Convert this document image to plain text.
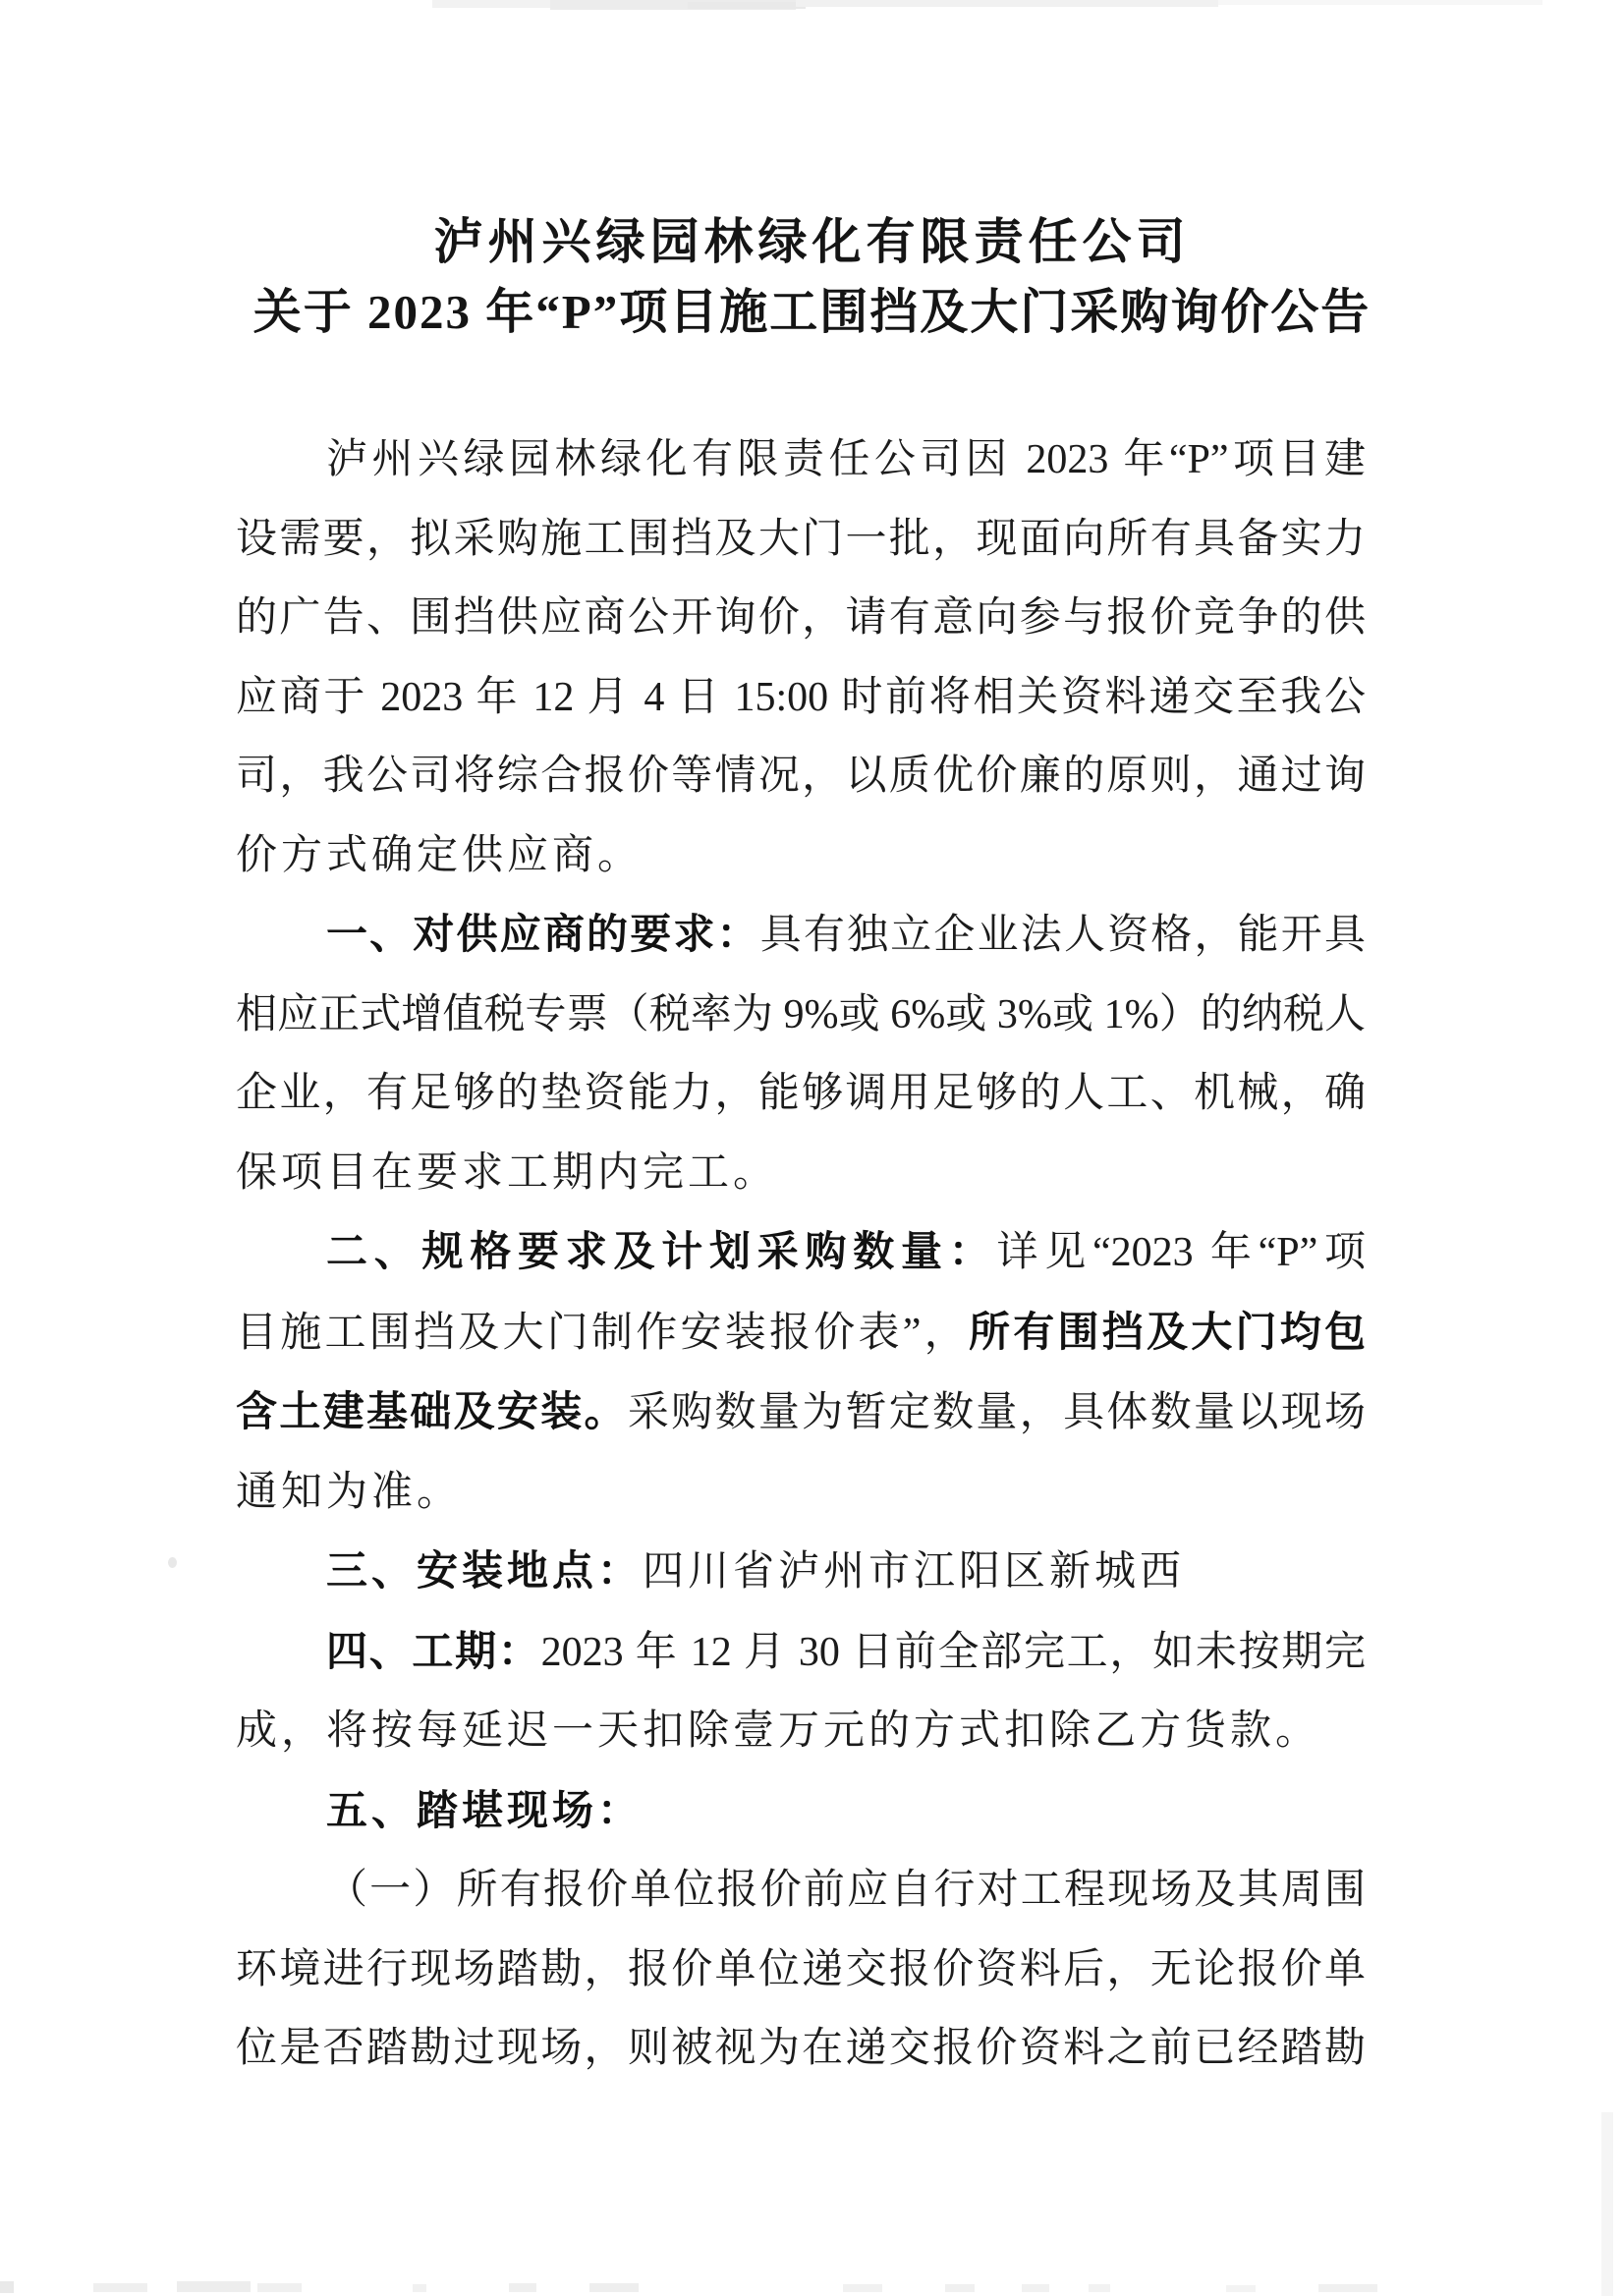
泸州兴绿园林绿化有限责任公司
关于 2023 年“P”项目施工围挡及大门采购询价公告
泸州兴绿园林绿化有限责任公司因 2023 年“P”项目建
设需要，拟采购施工围挡及大门一批，现面向所有具备实力
的广告、围挡供应商公开询价，请有意向参与报价竞争的供
应商于 2023 年 12 月 4 日 15:00 时前将相关资料递交至我公
司，我公司将综合报价等情况，以质优价廉的原则，通过询
价方式确定供应商。
一、对供应商的要求：具有独立企业法人资格，能开具
相应正式增值税专票（税率为 9%或 6%或 3%或 1%）的纳税人
企业，有足够的垫资能力，能够调用足够的人工、机械，确
保项目在要求工期内完工。
二、规格要求及计划采购数量：详见“2023 年“P”项
目施工围挡及大门制作安装报价表”，所有围挡及大门均包
含土建基础及安装。采购数量为暂定数量，具体数量以现场
通知为准。
三、安装地点：四川省泸州市江阳区新城西
四、工期：2023 年 12 月 30 日前全部完工，如未按期完
成，将按每延迟一天扣除壹万元的方式扣除乙方货款。
五、踏堪现场：
（一）所有报价单位报价前应自行对工程现场及其周围
环境进行现场踏勘，报价单位递交报价资料后，无论报价单
位是否踏勘过现场，则被视为在递交报价资料之前已经踏勘
